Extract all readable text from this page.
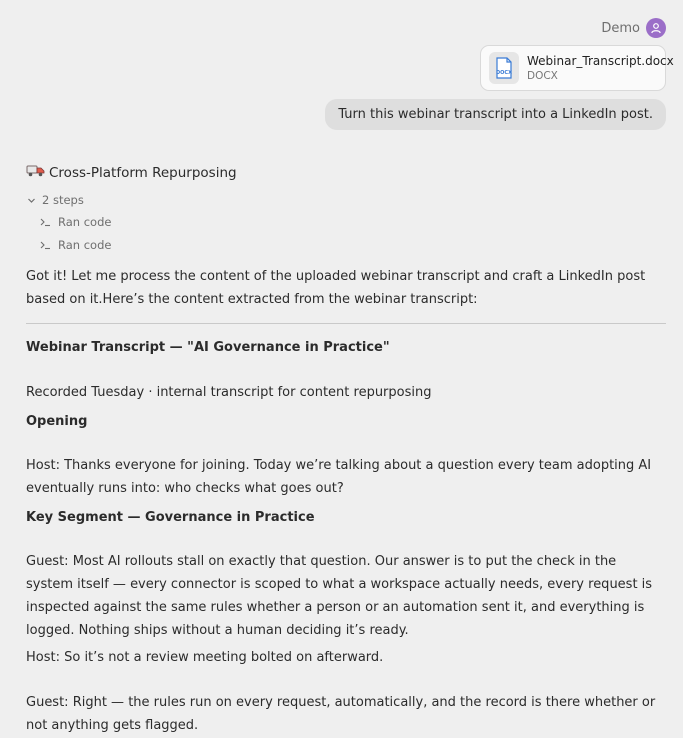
Demo
DOCX
Webinar_Transcript.docx
DOCX
Turn this webinar transcript into a LinkedIn post.
Cross-Platform Repurposing
2 steps
Ran code
Ran code
Got it! Let me process the content of the uploaded webinar transcript and craft a LinkedIn post based on it.Here’s the content extracted from the webinar transcript:
Webinar Transcript — "AI Governance in Practice"
Recorded Tuesday · internal transcript for content repurposing
Opening
Host: Thanks everyone for joining. Today we’re talking about a question every team adopting AI eventually runs into: who checks what goes out?
Key Segment — Governance in Practice
Guest: Most AI rollouts stall on exactly that question. Our answer is to put the check in the system itself — every connector is scoped to what a workspace actually needs, every request is inspected against the same rules whether a person or an automation sent it, and everything is logged. Nothing ships without a human deciding it’s ready.
Host: So it’s not a review meeting bolted on afterward.
Guest: Right — the rules run on every request, automatically, and the record is there whether or not anything gets flagged.
